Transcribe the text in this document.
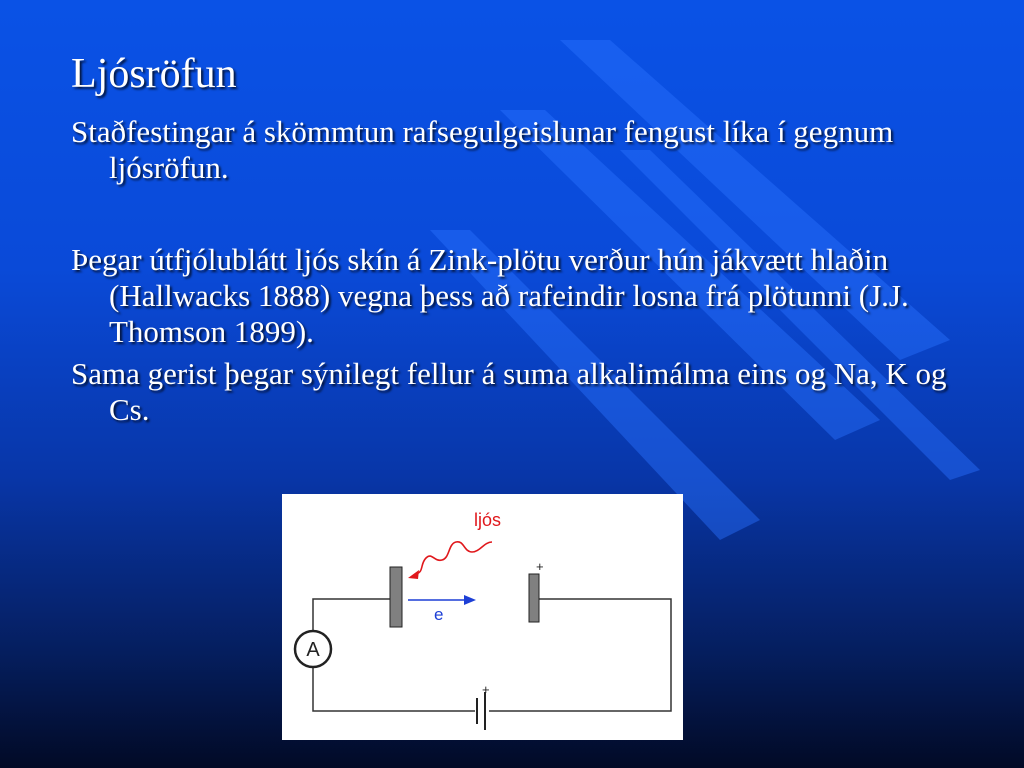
Ljósröfun

Staðfestingar á skömmtun rafsegulgeislunar fengust líka í gegnum ljósröfun.

Þegar útfjólublátt ljós skín á Zink-plötu verður hún jákvætt hlaðin (Hallwacks 1888) vegna þess að rafeindir losna frá plötunni (J.J. Thomson 1899).

Sama gerist þegar sýnilegt fellur á suma alkalimálma eins og Na, K og Cs.

ljós
e
+
+
A
